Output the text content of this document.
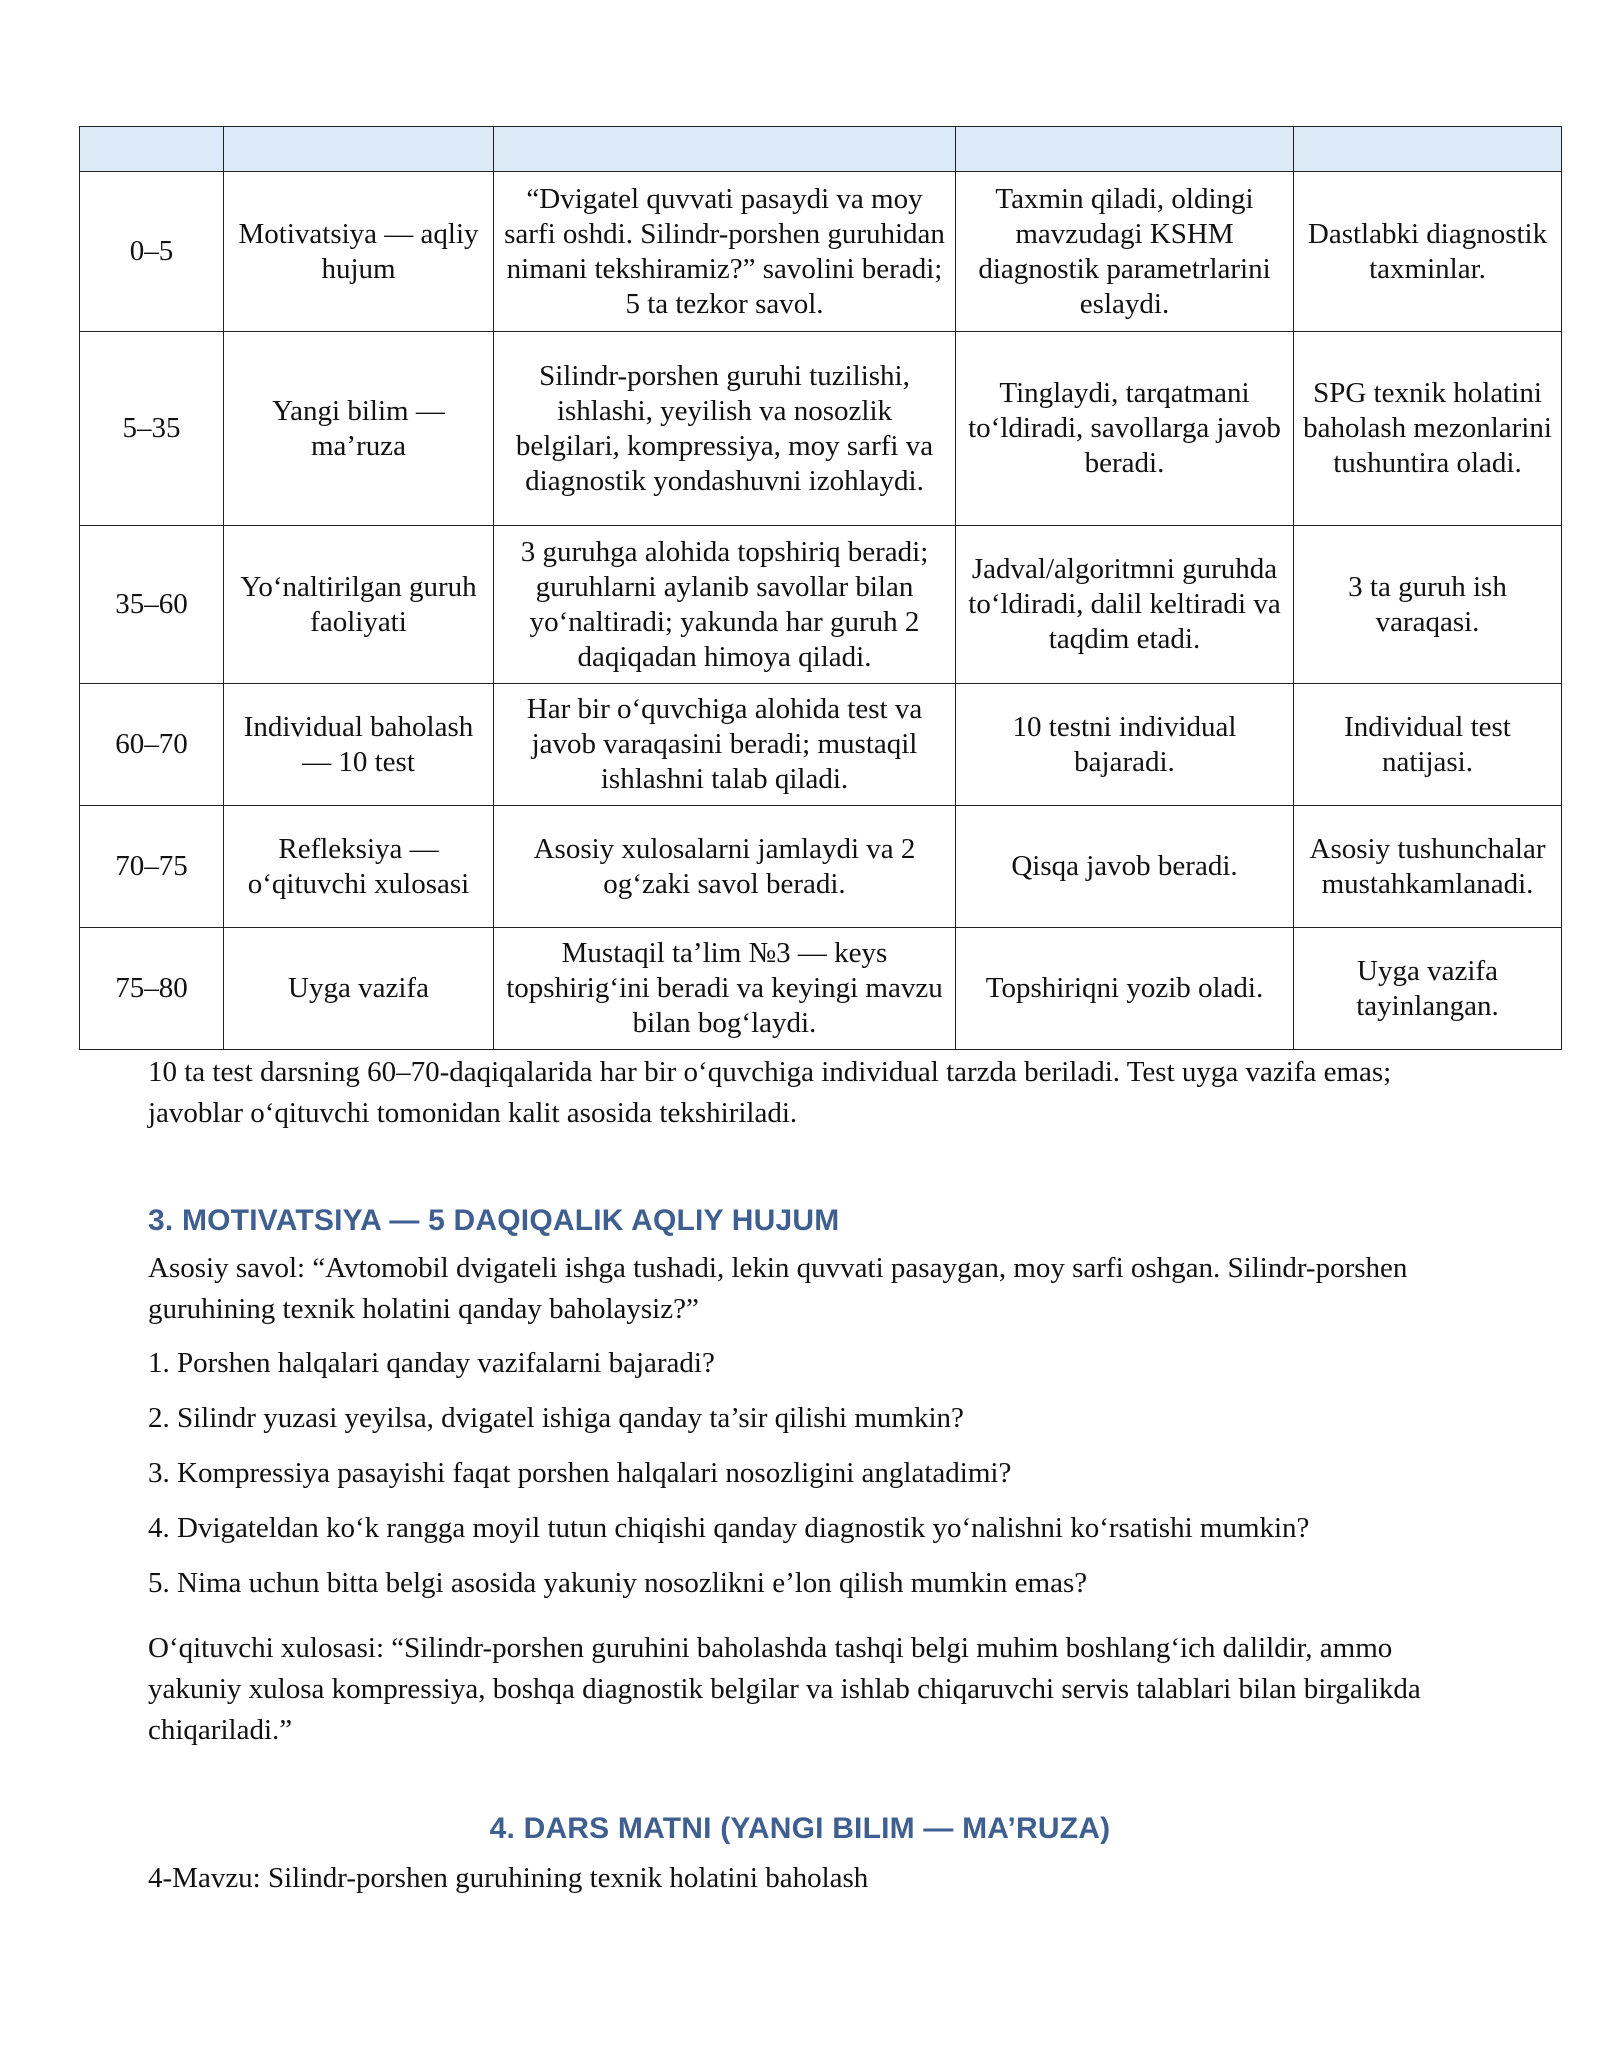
0–5	Motivatsiya — aqliy hujum	“Dvigatel quvvati pasaydi va moy sarfi oshdi. Silindr-porshen guruhidan nimani tekshiramiz?” savolini beradi; 5 ta tezkor savol.	Taxmin qiladi, oldingi mavzudagi KSHM diagnostik parametrlarini eslaydi.	Dastlabki diagnostik taxminlar.
5–35	Yangi bilim — ma’ruza	Silindr-porshen guruhi tuzilishi, ishlashi, yeyilish va nosozlik belgilari, kompressiya, moy sarfi va diagnostik yondashuvni izohlaydi.	Tinglaydi, tarqatmani to‘ldiradi, savollarga javob beradi.	SPG texnik holatini baholash mezonlarini tushuntira oladi.
35–60	Yo‘naltirilgan guruh faoliyati	3 guruhga alohida topshiriq beradi; guruhlarni aylanib savollar bilan yo‘naltiradi; yakunda har guruh 2 daqiqadan himoya qiladi.	Jadval/algoritmni guruhda to‘ldiradi, dalil keltiradi va taqdim etadi.	3 ta guruh ish varaqasi.
60–70	Individual baholash — 10 test	Har bir o‘quvchiga alohida test va javob varaqasini beradi; mustaqil ishlashni talab qiladi.	10 testni individual bajaradi.	Individual test natijasi.
70–75	Refleksiya — o‘qituvchi xulosasi	Asosiy xulosalarni jamlaydi va 2 og‘zaki savol beradi.	Qisqa javob beradi.	Asosiy tushunchalar mustahkamlanadi.
75–80	Uyga vazifa	Mustaqil ta’lim №3 — keys topshirig‘ini beradi va keyingi mavzu bilan bog‘laydi.	Topshiriqni yozib oladi.	Uyga vazifa tayinlangan.
10 ta test darsning 60–70-daqiqalarida har bir o‘quvchiga individual tarzda beriladi. Test uyga vazifa emas; javoblar o‘qituvchi tomonidan kalit asosida tekshiriladi.
3. MOTIVATSIYA — 5 DAQIQALIK AQLIY HUJUM
Asosiy savol: “Avtomobil dvigateli ishga tushadi, lekin quvvati pasaygan, moy sarfi oshgan. Silindr-porshen guruhining texnik holatini qanday baholaysiz?”

1. Porshen halqalari qanday vazifalarni bajaradi?

2. Silindr yuzasi yeyilsa, dvigatel ishiga qanday ta’sir qilishi mumkin?

3. Kompressiya pasayishi faqat porshen halqalari nosozligini anglatadimi?

4. Dvigateldan ko‘k rangga moyil tutun chiqishi qanday diagnostik yo‘nalishni ko‘rsatishi mumkin?

5. Nima uchun bitta belgi asosida yakuniy nosozlikni e’lon qilish mumkin emas?

O‘qituvchi xulosasi: “Silindr-porshen guruhini baholashda tashqi belgi muhim boshlang‘ich dalildir, ammo yakuniy xulosa kompressiya, boshqa diagnostik belgilar va ishlab chiqaruvchi servis talablari bilan birgalikda chiqariladi.”
4. DARS MATNI (YANGI BILIM — MA’RUZA)
4-Mavzu: Silindr-porshen guruhining texnik holatini baholash
